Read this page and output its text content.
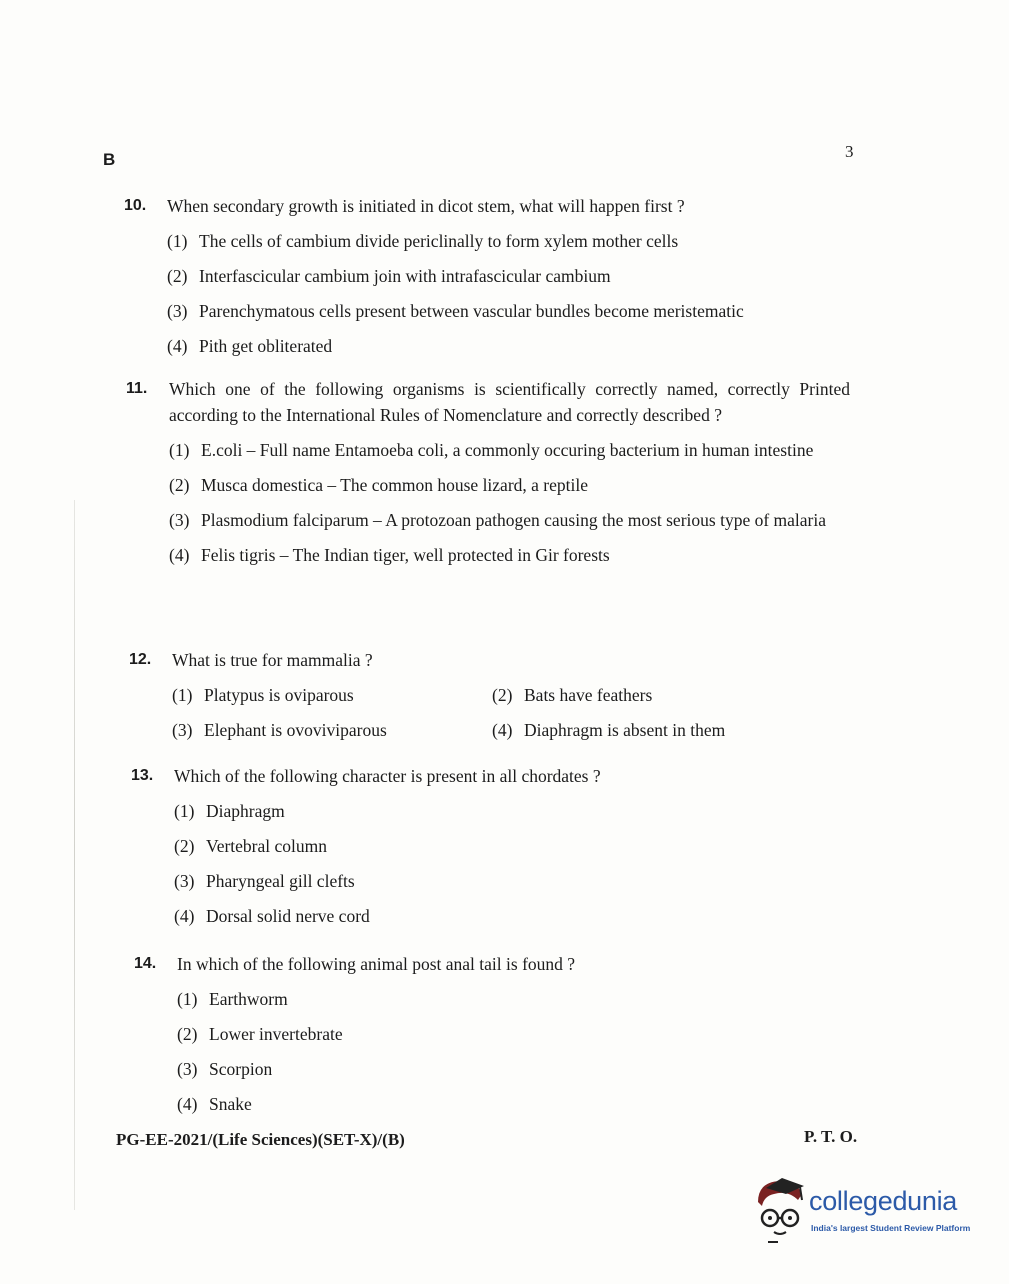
B	3
10. When secondary growth is initiated in dicot stem, what will happen first ?
(1) The cells of cambium divide periclinally to form xylem mother cells
(2) Interfascicular cambium join with intrafascicular cambium
(3) Parenchymatous cells present between vascular bundles become meristematic
(4) Pith get obliterated
11. Which one of the following organisms is scientifically correctly named, correctly Printed according to the International Rules of Nomenclature and correctly described ?
(1) E.coli – Full name Entamoeba coli, a commonly occuring bacterium in human intestine
(2) Musca domestica – The common house lizard, a reptile
(3) Plasmodium falciparum – A protozoan pathogen causing the most serious type of malaria
(4) Felis tigris – The Indian tiger, well protected in Gir forests
12. What is true for mammalia ?
(1) Platypus is oviparous	(2) Bats have feathers
(3) Elephant is ovoviviparous	(4) Diaphragm is absent in them
13. Which of the following character is present in all chordates ?
(1) Diaphragm
(2) Vertebral column
(3) Pharyngeal gill clefts
(4) Dorsal solid nerve cord
14. In which of the following animal post anal tail is found ?
(1) Earthworm
(2) Lower invertebrate
(3) Scorpion
(4) Snake
PG-EE-2021/(Life Sciences)(SET-X)/(B)	P. T. O.
collegedunia
India's largest Student Review Platform
